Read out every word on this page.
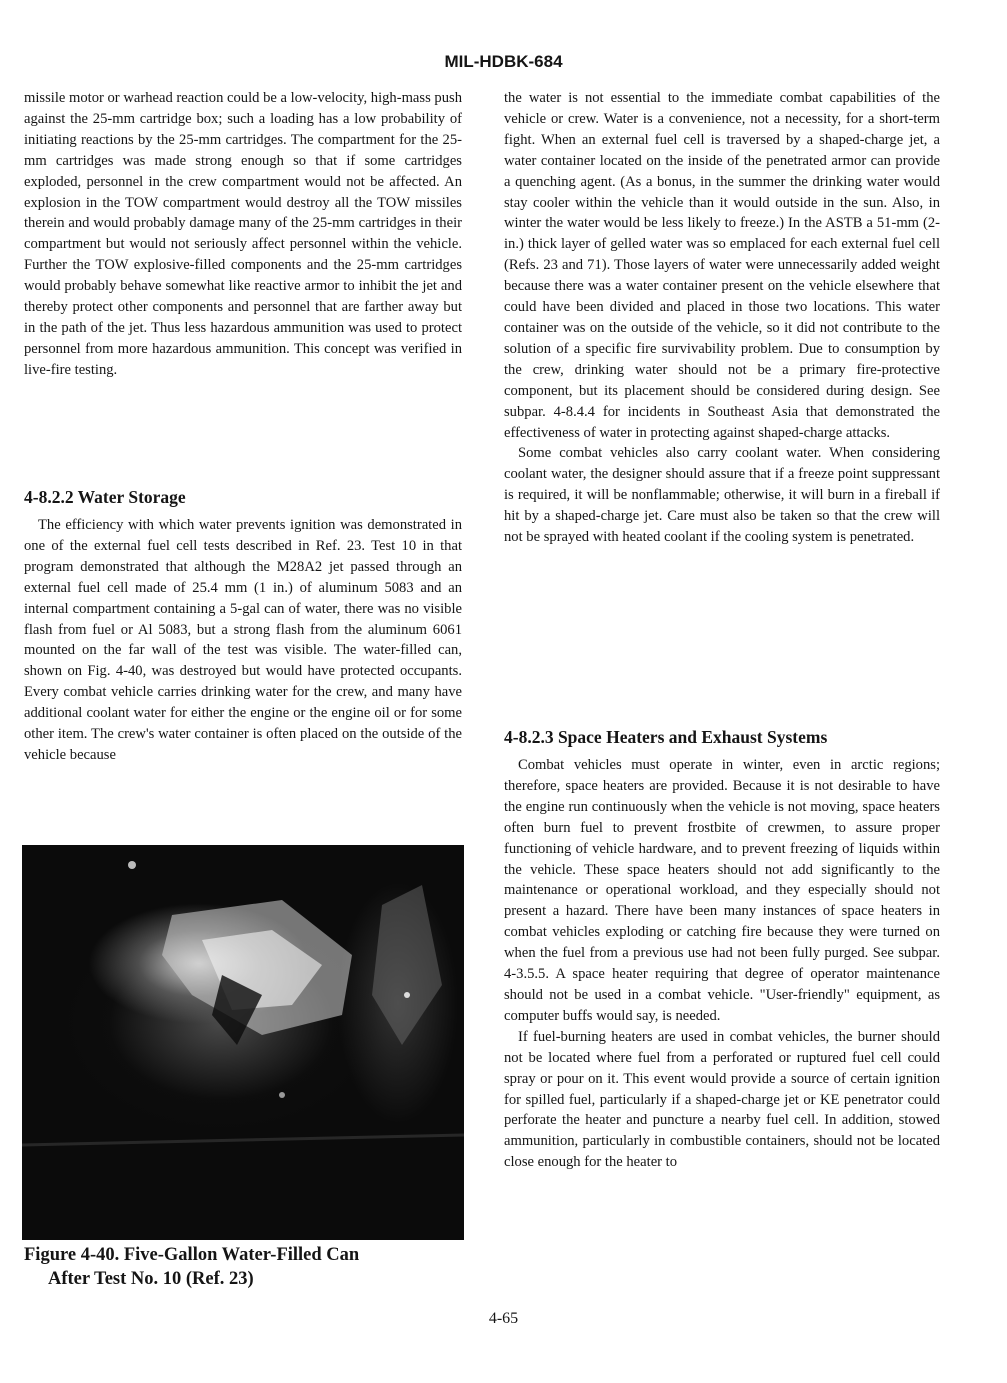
MIL-HDBK-684

missile motor or warhead reaction could be a low-velocity, high-mass push against the 25-mm cartridge box; such a loading has a low probability of initiating reactions by the 25-mm cartridges. The compartment for the 25-mm cartridges was made strong enough so that if some cartridges exploded, personnel in the crew compartment would not be affected. An explosion in the TOW compartment would destroy all the TOW missiles therein and would probably damage many of the 25-mm cartridges in their compartment but would not seriously affect personnel within the vehicle. Further the TOW explosive-filled components and the 25-mm cartridges would probably behave somewhat like reactive armor to inhibit the jet and thereby protect other components and personnel that are farther away but in the path of the jet. Thus less hazardous ammunition was used to protect personnel from more hazardous ammunition. This concept was verified in live-fire testing.

4-8.2.2 Water Storage

The efficiency with which water prevents ignition was demonstrated in one of the external fuel cell tests described in Ref. 23. Test 10 in that program demonstrated that although the M28A2 jet passed through an external fuel cell made of 25.4 mm (1 in.) of aluminum 5083 and an internal compartment containing a 5-gal can of water, there was no visible flash from fuel or Al 5083, but a strong flash from the aluminum 6061 mounted on the far wall of the test was visible. The water-filled can, shown on Fig. 4-40, was destroyed but would have protected occupants. Every combat vehicle carries drinking water for the crew, and many have additional coolant water for either the engine or the engine oil or for some other item. The crew's water container is often placed on the outside of the vehicle because

Figure 4-40. Five-Gallon Water-Filled Can
After Test No. 10 (Ref. 23)

the water is not essential to the immediate combat capabilities of the vehicle or crew. Water is a convenience, not a necessity, for a short-term fight. When an external fuel cell is traversed by a shaped-charge jet, a water container located on the inside of the penetrated armor can provide a quenching agent. (As a bonus, in the summer the drinking water would stay cooler within the vehicle than it would outside in the sun. Also, in winter the water would be less likely to freeze.) In the ASTB a 51-mm (2-in.) thick layer of gelled water was so emplaced for each external fuel cell (Refs. 23 and 71). Those layers of water were unnecessarily added weight because there was a water container present on the vehicle elsewhere that could have been divided and placed in those two locations. This water container was on the outside of the vehicle, so it did not contribute to the solution of a specific fire survivability problem. Due to consumption by the crew, drinking water should not be a primary fire-protective component, but its placement should be considered during design. See subpar. 4-8.4.4 for incidents in Southeast Asia that demonstrated the effectiveness of water in protecting against shaped-charge attacks.

Some combat vehicles also carry coolant water. When considering coolant water, the designer should assure that if a freeze point suppressant is required, it will be nonflammable; otherwise, it will burn in a fireball if hit by a shaped-charge jet. Care must also be taken so that the crew will not be sprayed with heated coolant if the cooling system is penetrated.

4-8.2.3 Space Heaters and Exhaust Systems

Combat vehicles must operate in winter, even in arctic regions; therefore, space heaters are provided. Because it is not desirable to have the engine run continuously when the vehicle is not moving, space heaters often burn fuel to prevent frostbite of crewmen, to assure proper functioning of vehicle hardware, and to prevent freezing of liquids within the vehicle. These space heaters should not add significantly to the maintenance or operational workload, and they especially should not present a hazard. There have been many instances of space heaters in combat vehicles exploding or catching fire because they were turned on when the fuel from a previous use had not been fully purged. See subpar. 4-3.5.5. A space heater requiring that degree of operator maintenance should not be used in a combat vehicle. "User-friendly" equipment, as computer buffs would say, is needed.

If fuel-burning heaters are used in combat vehicles, the burner should not be located where fuel from a perforated or ruptured fuel cell could spray or pour on it. This event would provide a source of certain ignition for spilled fuel, particularly if a shaped-charge jet or KE penetrator could perforate the heater and puncture a nearby fuel cell. In addition, stowed ammunition, particularly in combustible containers, should not be located close enough for the heater to

4-65
